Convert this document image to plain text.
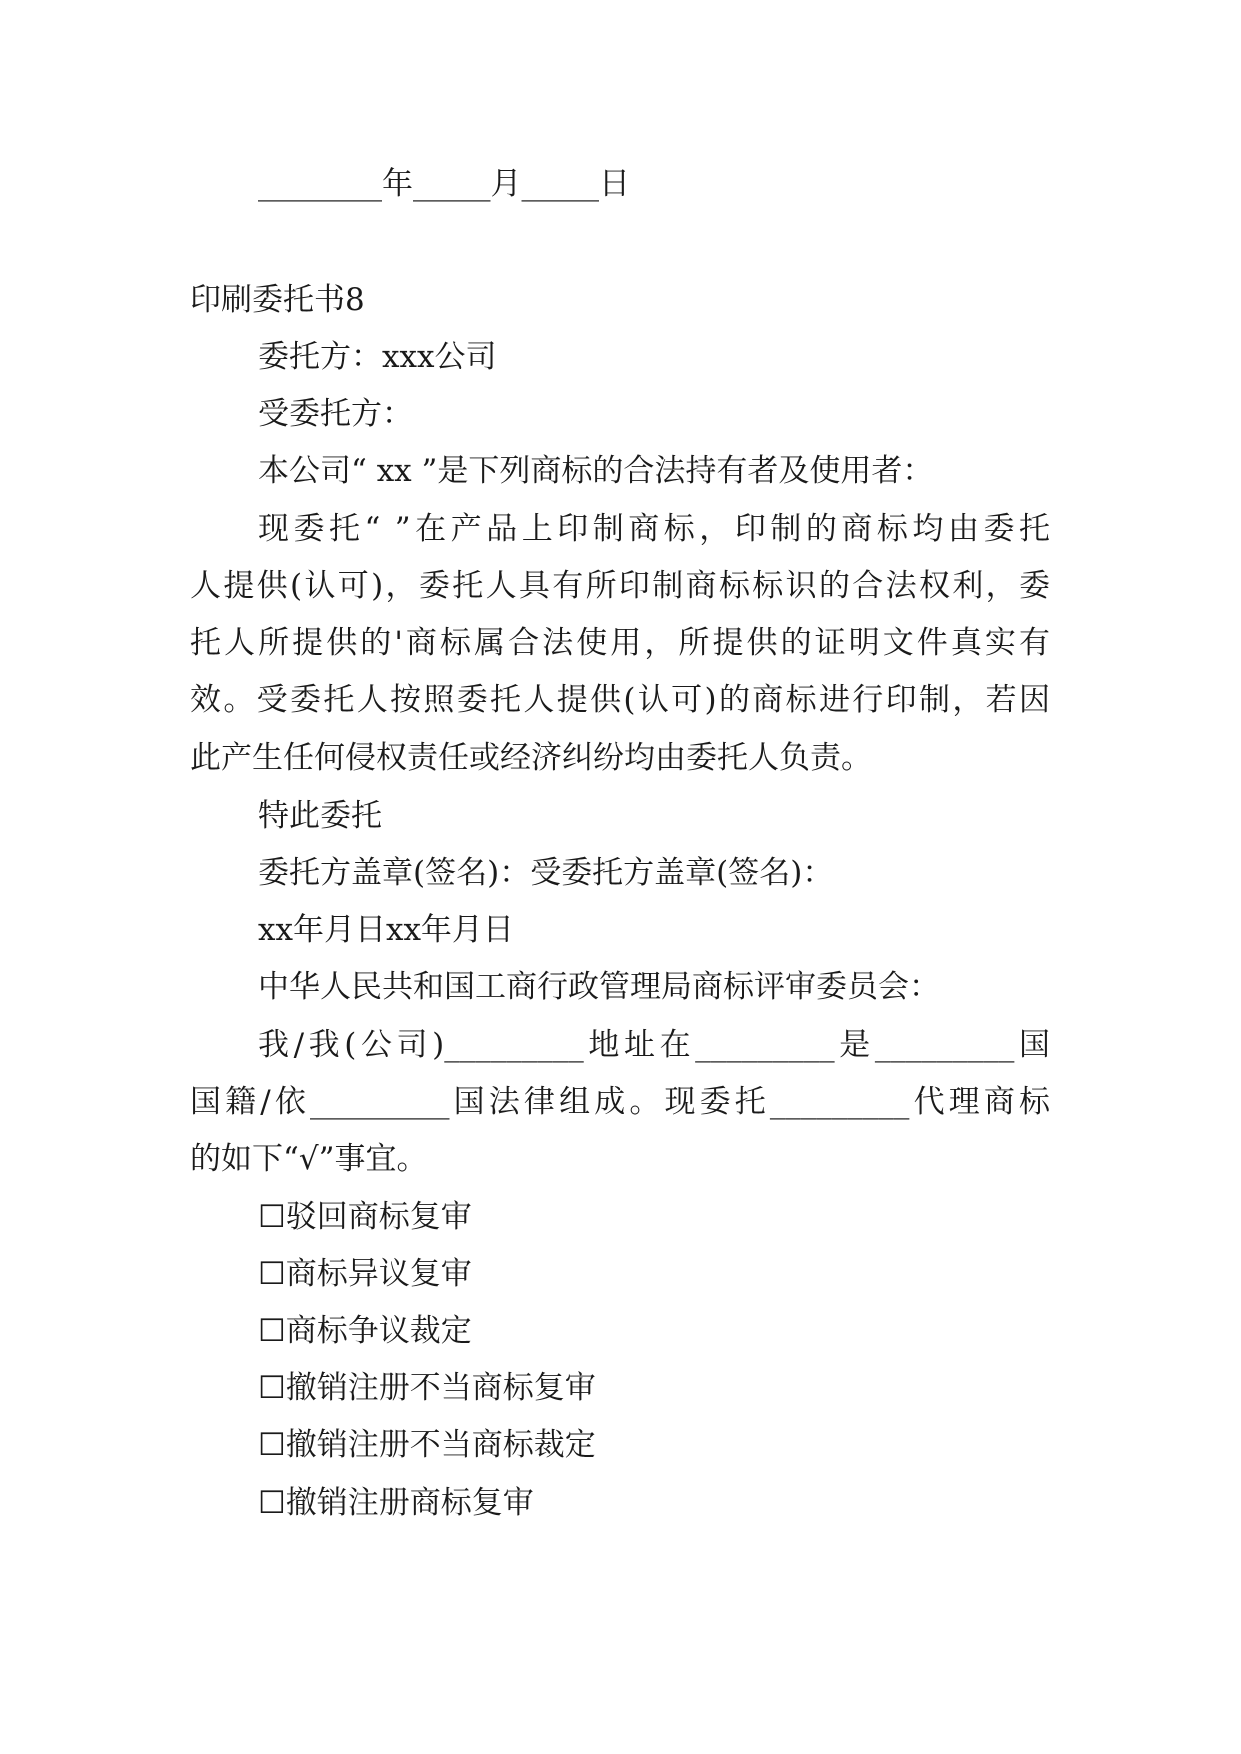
________年_____月_____日
印刷委托书8
委托方：xxx公司
受委托方：
本公司“ xx ”是下列商标的合法持有者及使用者：
现委托“ ”在产品上印制商标，印制的商标均由委托
人提供(认可)，委托人具有所印制商标标识的合法权利，委
托人所提供的'商标属合法使用，所提供的证明文件真实有
效。受委托人按照委托人提供(认可)的商标进行印制，若因
此产生任何侵权责任或经济纠纷均由委托人负责。
特此委托
委托方盖章(签名)：受委托方盖章(签名)：
xx年月日xx年月日
中华人民共和国工商行政管理局商标评审委员会：
我/我(公司)_________地址在_________是_________国
国籍/依_________国法律组成。现委托_________代理商标
的如下“√”事宜。
☐驳回商标复审
☐商标异议复审
☐商标争议裁定
☐撤销注册不当商标复审
☐撤销注册不当商标裁定
☐撤销注册商标复审
